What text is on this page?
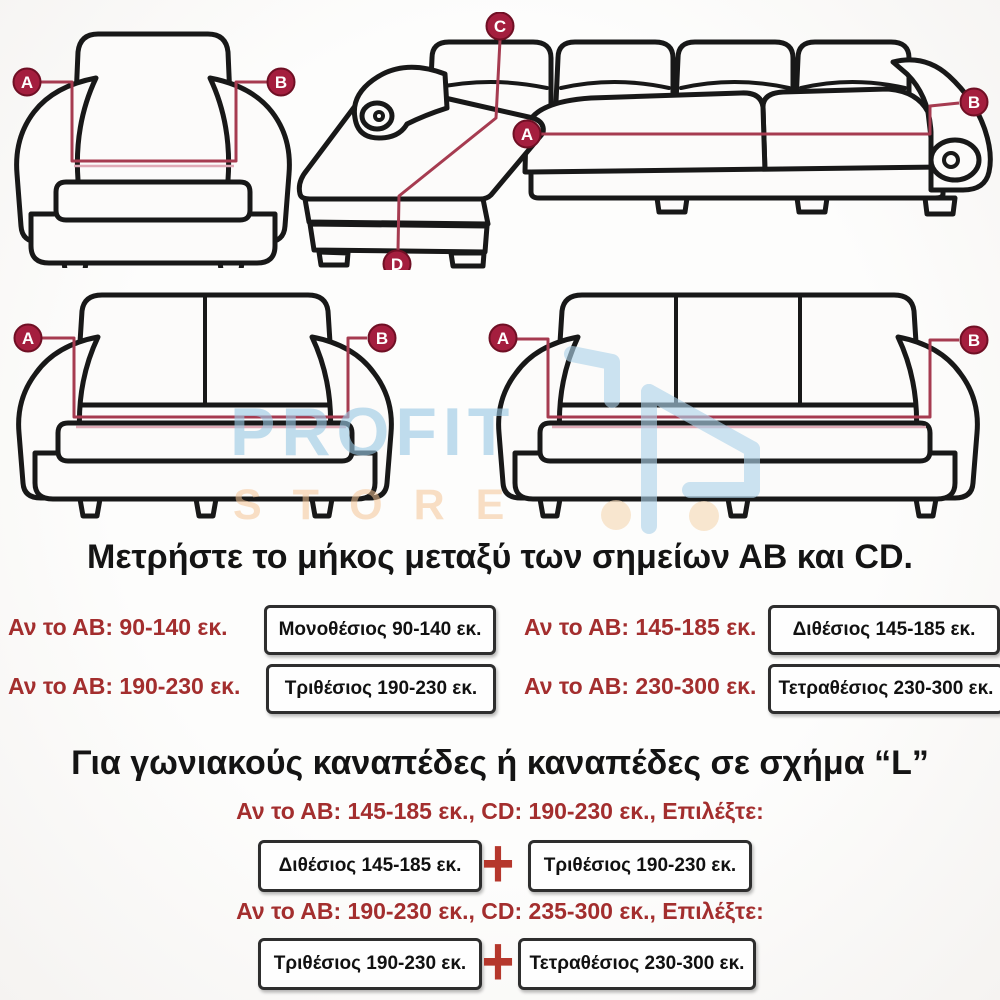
A	B
C
A
B
D
A	B	A	B
PROFIT
STORE
Μετρήστε το μήκος μεταξύ των σημείων ΑΒ και CD.
Αν το ΑΒ: 90-140 εκ.	Μονοθέσιος 90-140 εκ.	Αν το ΑΒ: 145-185 εκ.	Διθέσιος 145-185 εκ.
Αν το ΑΒ: 190-230 εκ.	Τριθέσιος 190-230 εκ.	Αν το ΑΒ: 230-300 εκ.	Τετραθέσιος 230-300 εκ.
Για γωνιακούς καναπέδες ή καναπέδες σε σχήμα “L”
Αν το ΑΒ: 145-185 εκ., CD: 190-230 εκ., Επιλέξτε:
Διθέσιος 145-185 εκ. +	Τριθέσιος 190-230 εκ.
Αν το ΑΒ: 190-230 εκ., CD: 235-300 εκ., Επιλέξτε:
Τριθέσιος 190-230 εκ. + Τετραθέσιος 230-300 εκ.
